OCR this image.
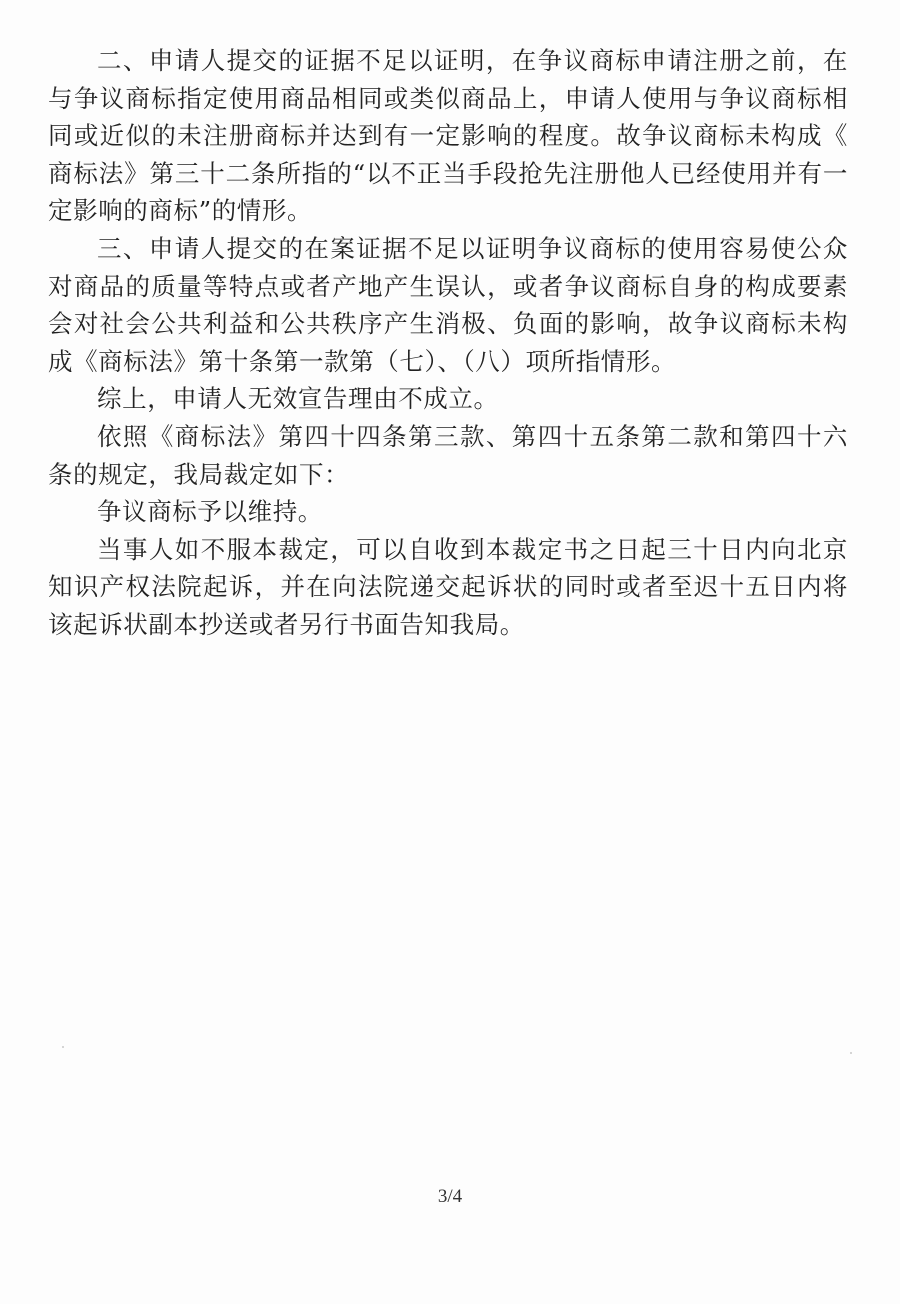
二、申请人提交的证据不足以证明，在争议商标申请注册之前，在与争议商标指定使用商品相同或类似商品上，申请人使用与争议商标相同或近似的未注册商标并达到有一定影响的程度。故争议商标未构成《商标法》第三十二条所指的“以不正当手段抢先注册他人已经使用并有一定影响的商标”的情形。

三、申请人提交的在案证据不足以证明争议商标的使用容易使公众对商品的质量等特点或者产地产生误认，或者争议商标自身的构成要素会对社会公共利益和公共秩序产生消极、负面的影响，故争议商标未构成《商标法》第十条第一款第（七）、（八）项所指情形。

综上，申请人无效宣告理由不成立。

依照《商标法》第四十四条第三款、第四十五条第二款和第四十六条的规定，我局裁定如下：

争议商标予以维持。

当事人如不服本裁定，可以自收到本裁定书之日起三十日内向北京知识产权法院起诉，并在向法院递交起诉状的同时或者至迟十五日内将该起诉状副本抄送或者另行书面告知我局。

3/4
